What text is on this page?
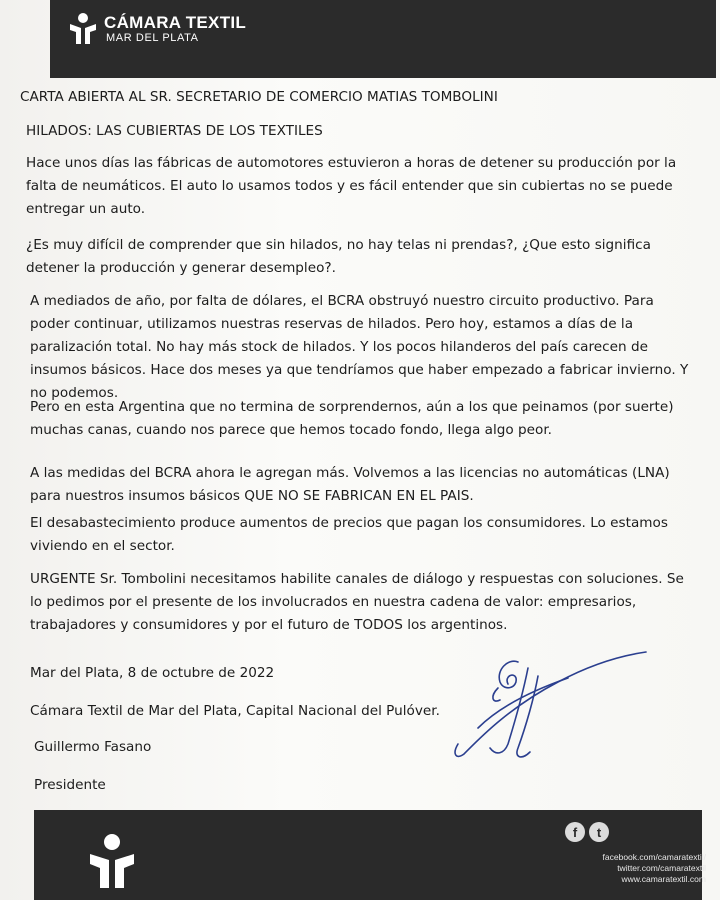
CÁMARA TEXTIL
MAR DEL PLATA

CARTA ABIERTA AL SR. SECRETARIO DE COMERCIO MATIAS TOMBOLINI

HILADOS: LAS CUBIERTAS DE LOS TEXTILES

Hace unos días las fábricas de automotores estuvieron a horas de detener su producción por la falta de neumáticos. El auto lo usamos todos y es fácil entender que sin cubiertas no se puede entregar un auto.

¿Es muy difícil de comprender que sin hilados, no hay telas ni prendas?, ¿Que esto significa detener la producción y generar desempleo?.

A mediados de año, por falta de dólares, el BCRA obstruyó nuestro circuito productivo. Para poder continuar, utilizamos nuestras reservas de hilados. Pero hoy, estamos a días de la paralización total. No hay más stock de hilados. Y los pocos hilanderos del país carecen de insumos básicos. Hace dos meses ya que tendríamos que haber empezado a fabricar invierno. Y no podemos.

Pero en esta Argentina que no termina de sorprendernos, aún a los que peinamos (por suerte) muchas canas, cuando nos parece que hemos tocado fondo, llega algo peor.

A las medidas del BCRA ahora le agregan más. Volvemos a las licencias no automáticas (LNA) para nuestros insumos básicos QUE NO SE FABRICAN EN EL PAIS.

El desabastecimiento produce aumentos de precios que pagan los consumidores. Lo estamos viviendo en el sector.

URGENTE Sr. Tombolini necesitamos habilite canales de diálogo y respuestas con soluciones. Se lo pedimos por el presente de los involucrados en nuestra cadena de valor: empresarios, trabajadores y consumidores y por el futuro de TODOS los argentinos.

Mar del Plata, 8 de octubre de 2022

Cámara Textil de Mar del Plata, Capital Nacional del Pulóver.

Guillermo Fasano

Presidente

f	t
facebook.com/camaratextil/
twitter.com/camaratextil
www.camaratextil.com
